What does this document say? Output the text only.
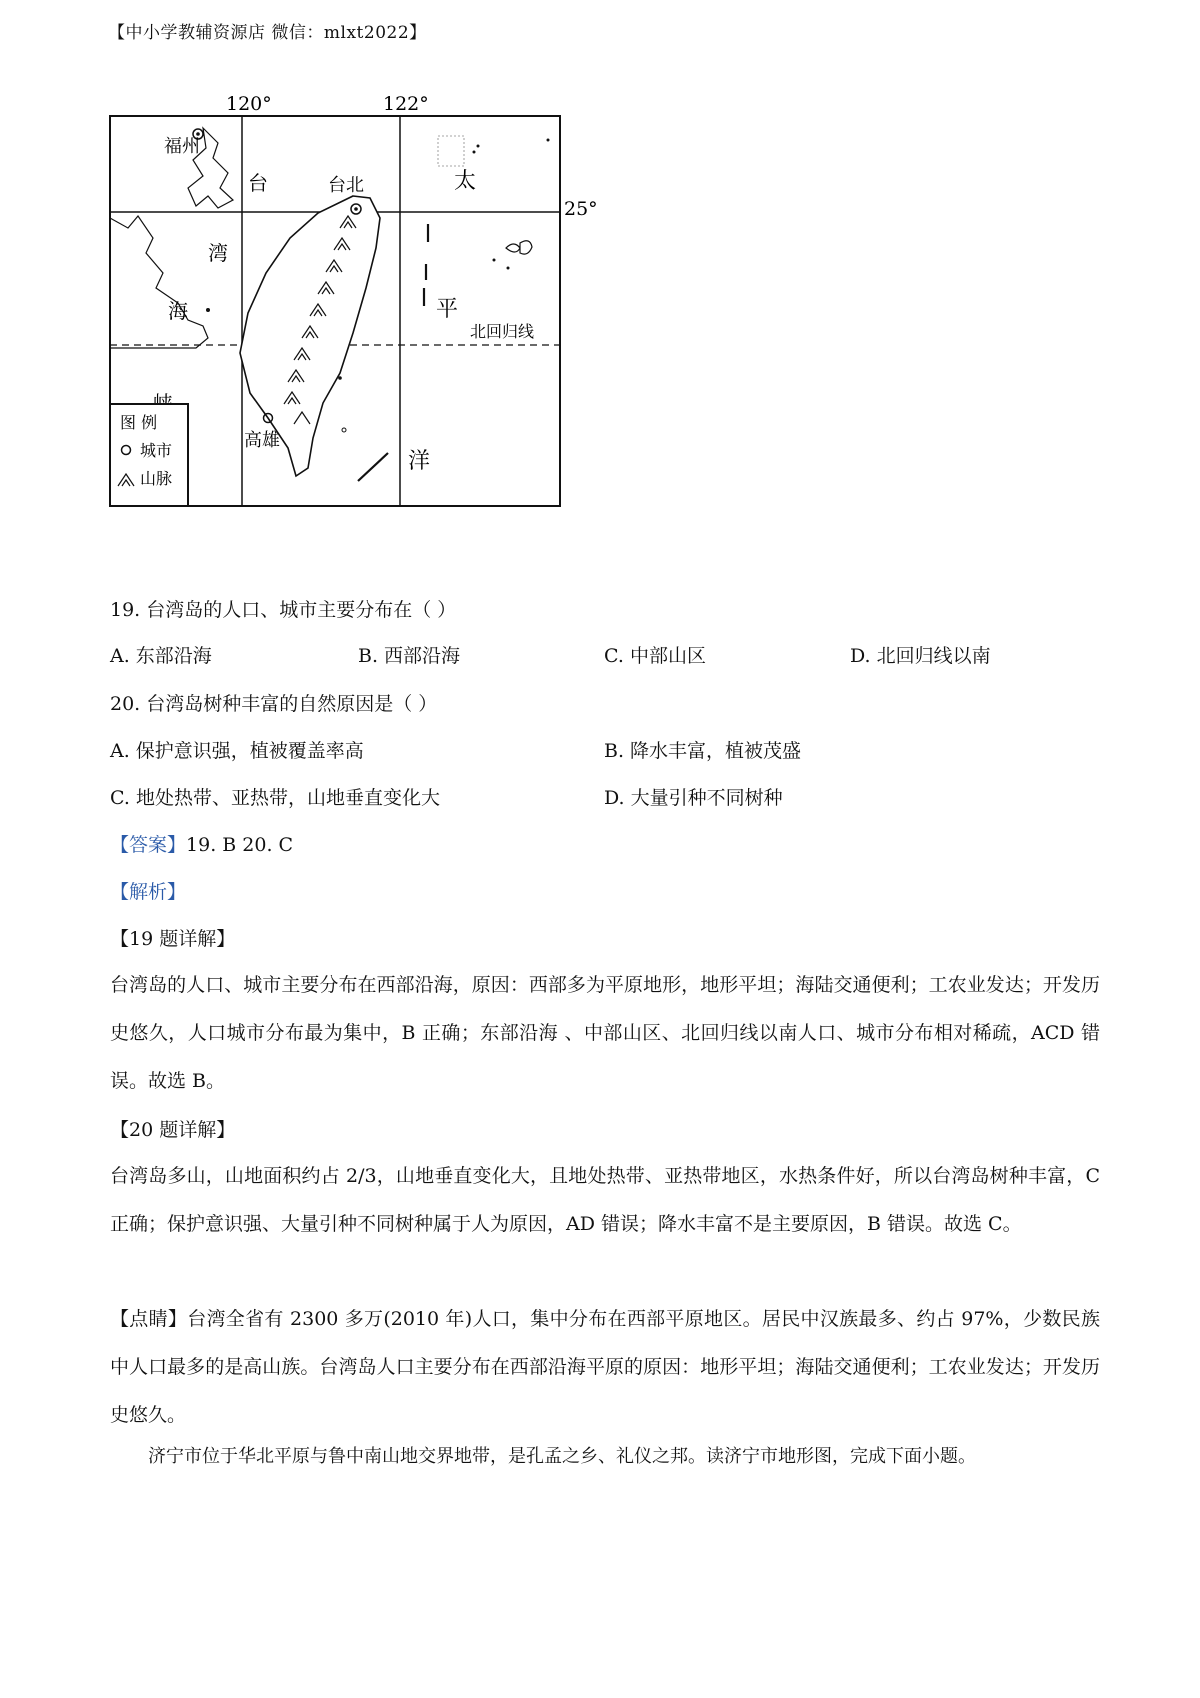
【中小学教辅资源店 微信：mlxt2022】
120°	122°
25°
福州
台
湾
海
台北
高雄
太
平
洋
北回归线
图 例
城市
山脉
19. 台湾岛的人口、城市主要分布在（ ）
A. 东部沿海	B. 西部沿海	C. 中部山区	D. 北回归线以南
20. 台湾岛树种丰富的自然原因是（ ）
A. 保护意识强，植被覆盖率高	B. 降水丰富，植被茂盛
C. 地处热带、亚热带，山地垂直变化大	D. 大量引种不同树种
【答案】19. B 20. C
【解析】
【19 题详解】
台湾岛的人口、城市主要分布在西部沿海，原因：西部多为平原地形，地形平坦；海陆交通便利；工农业发达；开发历史悠久，人口城市分布最为集中，B 正确；东部沿海 、中部山区、北回归线以南人口、城市分布相对稀疏，ACD 错误。故选 B。
【20 题详解】
台湾岛多山，山地面积约占 2/3，山地垂直变化大，且地处热带、亚热带地区，水热条件好，所以台湾岛树种丰富，C 正确；保护意识强、大量引种不同树种属于人为原因，AD 错误；降水丰富不是主要原因，B 错误。故选 C。
【点睛】台湾全省有 2300 多万(2010 年)人口，集中分布在西部平原地区。居民中汉族最多、约占 97%，少数民族中人口最多的是高山族。台湾岛人口主要分布在西部沿海平原的原因：地形平坦；海陆交通便利；工农业发达；开发历史悠久。
济宁市位于华北平原与鲁中南山地交界地带，是孔孟之乡、礼仪之邦。读济宁市地形图，完成下面小题。
